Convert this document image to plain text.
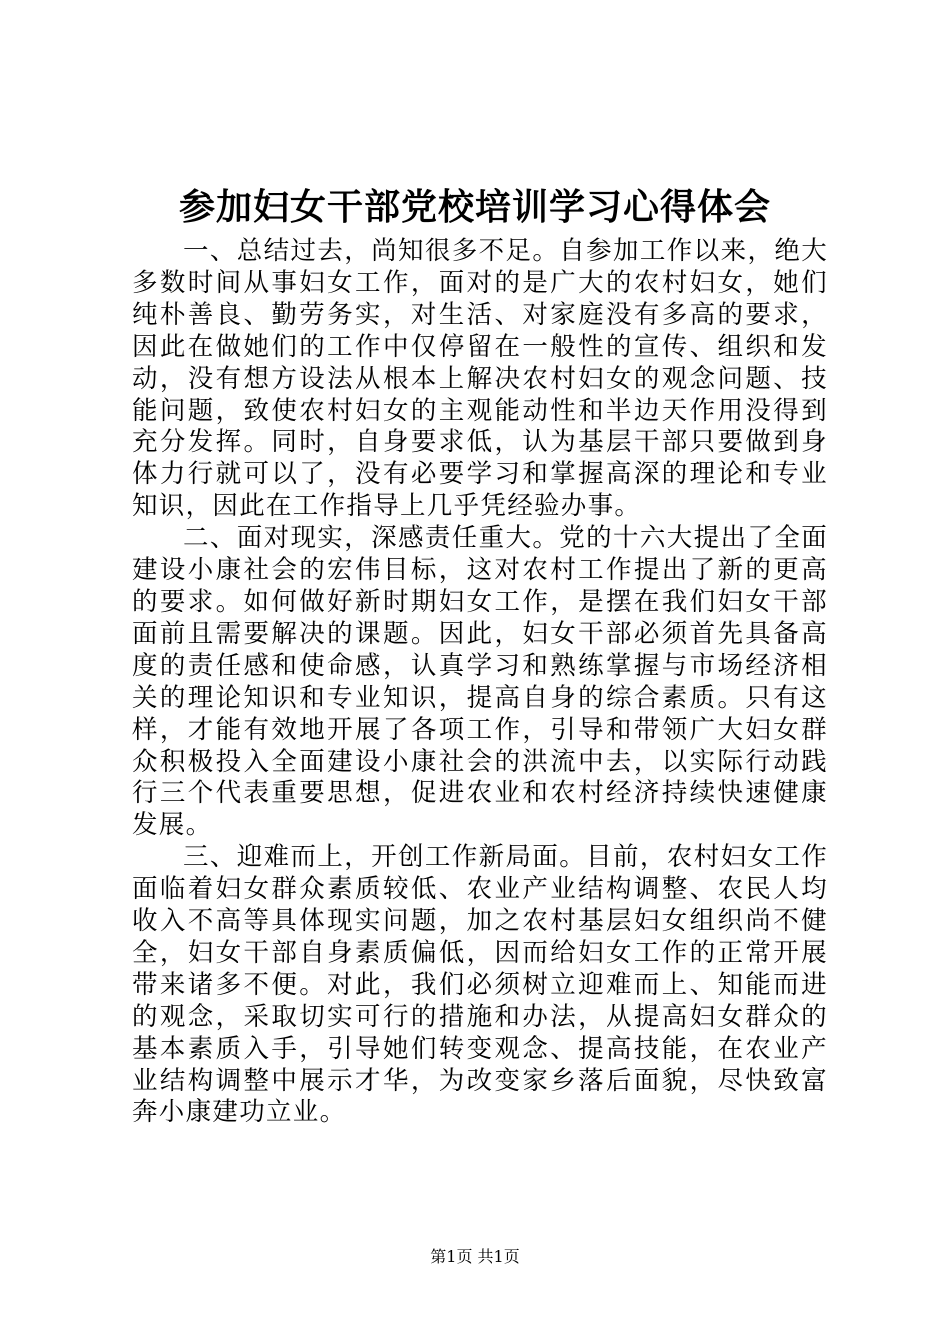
参加妇女干部党校培训学习心得体会

一、总结过去，尚知很多不足。自参加工作以来，绝大多数时间从事妇女工作，面对的是广大的农村妇女，她们纯朴善良、勤劳务实，对生活、对家庭没有多高的要求，因此在做她们的工作中仅停留在一般性的宣传、组织和发动，没有想方设法从根本上解决农村妇女的观念问题、技能问题，致使农村妇女的主观能动性和半边天作用没得到充分发挥。同时，自身要求低，认为基层干部只要做到身体力行就可以了，没有必要学习和掌握高深的理论和专业知识，因此在工作指导上几乎凭经验办事。

二、面对现实，深感责任重大。党的十六大提出了全面建设小康社会的宏伟目标，这对农村工作提出了新的更高的要求。如何做好新时期妇女工作，是摆在我们妇女干部面前且需要解决的课题。因此，妇女干部必须首先具备高度的责任感和使命感，认真学习和熟练掌握与市场经济相关的理论知识和专业知识，提高自身的综合素质。只有这样，才能有效地开展了各项工作，引导和带领广大妇女群众积极投入全面建设小康社会的洪流中去，以实际行动践行三个代表重要思想，促进农业和农村经济持续快速健康发展。

三、迎难而上，开创工作新局面。目前，农村妇女工作面临着妇女群众素质较低、农业产业结构调整、农民人均收入不高等具体现实问题，加之农村基层妇女组织尚不健全，妇女干部自身素质偏低，因而给妇女工作的正常开展带来诸多不便。对此，我们必须树立迎难而上、知能而进的观念，采取切实可行的措施和办法，从提高妇女群众的基本素质入手，引导她们转变观念、提高技能，在农业产业结构调整中展示才华，为改变家乡落后面貌，尽快致富奔小康建功立业。

第1页 共1页
